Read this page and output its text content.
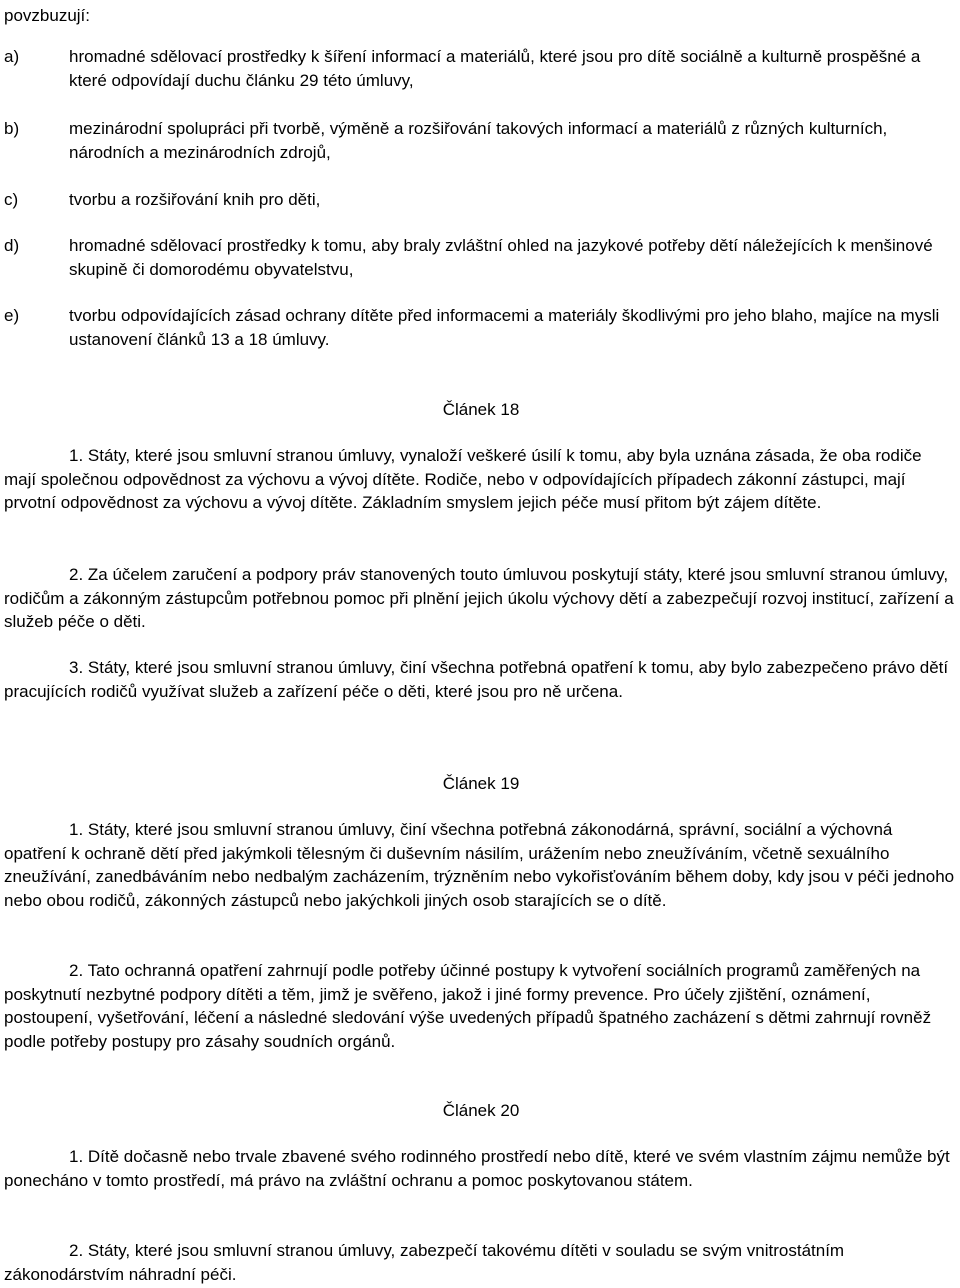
povzbuzují:

a)	hromadné sdělovací prostředky k šíření informací a materiálů, které jsou pro dítě sociálně a kulturně prospěšné a které odpovídají duchu článku 29 této úmluvy,

b)	mezinárodní spolupráci při tvorbě, výměně a rozšiřování takových informací a materiálů z různých kulturních, národních a mezinárodních zdrojů,

c)	tvorbu a rozšiřování knih pro děti,

d)	hromadné sdělovací prostředky k tomu, aby braly zvláštní ohled na jazykové potřeby dětí náležejících k menšinové skupině či domorodému obyvatelstvu,

e)	tvorbu odpovídajících zásad ochrany dítěte před informacemi a materiály škodlivými pro jeho blaho, majíce na mysli ustanovení článků 13 a 18 úmluvy.

Článek 18

1. Státy, které jsou smluvní stranou úmluvy, vynaloží veškeré úsilí k tomu, aby byla uznána zásada, že oba rodiče mají společnou odpovědnost za výchovu a vývoj dítěte. Rodiče, nebo v odpovídajících případech zákonní zástupci, mají prvotní odpovědnost za výchovu a vývoj dítěte. Základním smyslem jejich péče musí přitom být zájem dítěte.

2. Za účelem zaručení a podpory práv stanovených touto úmluvou poskytují státy, které jsou smluvní stranou úmluvy, rodičům a zákonným zástupcům potřebnou pomoc při plnění jejich úkolu výchovy dětí a zabezpečují rozvoj institucí, zařízení a služeb péče o děti.

3. Státy, které jsou smluvní stranou úmluvy, činí všechna potřebná opatření k tomu, aby bylo zabezpečeno právo dětí pracujících rodičů využívat služeb a zařízení péče o děti, které jsou pro ně určena.

Článek 19

1. Státy, které jsou smluvní stranou úmluvy, činí všechna potřebná zákonodárná, správní, sociální a výchovná opatření k ochraně dětí před jakýmkoli tělesným či duševním násilím, urážením nebo zneužíváním, včetně sexuálního zneužívání, zanedbáváním nebo nedbalým zacházením, trýzněním nebo vykořisťováním během doby, kdy jsou v péči jednoho nebo obou rodičů, zákonných zástupců nebo jakýchkoli jiných osob starajících se o dítě.

2. Tato ochranná opatření zahrnují podle potřeby účinné postupy k vytvoření sociálních programů zaměřených na poskytnutí nezbytné podpory dítěti a těm, jimž je svěřeno, jakož i jiné formy prevence. Pro účely zjištění, oznámení, postoupení, vyšetřování, léčení a následné sledování výše uvedených případů špatného zacházení s dětmi zahrnují rovněž podle potřeby postupy pro zásahy soudních orgánů.

Článek 20

1. Dítě dočasně nebo trvale zbavené svého rodinného prostředí nebo dítě, které ve svém vlastním zájmu nemůže být ponecháno v tomto prostředí, má právo na zvláštní ochranu a pomoc poskytovanou státem.

2. Státy, které jsou smluvní stranou úmluvy, zabezpečí takovému dítěti v souladu se svým vnitrostátním zákonodárstvím náhradní péči.
